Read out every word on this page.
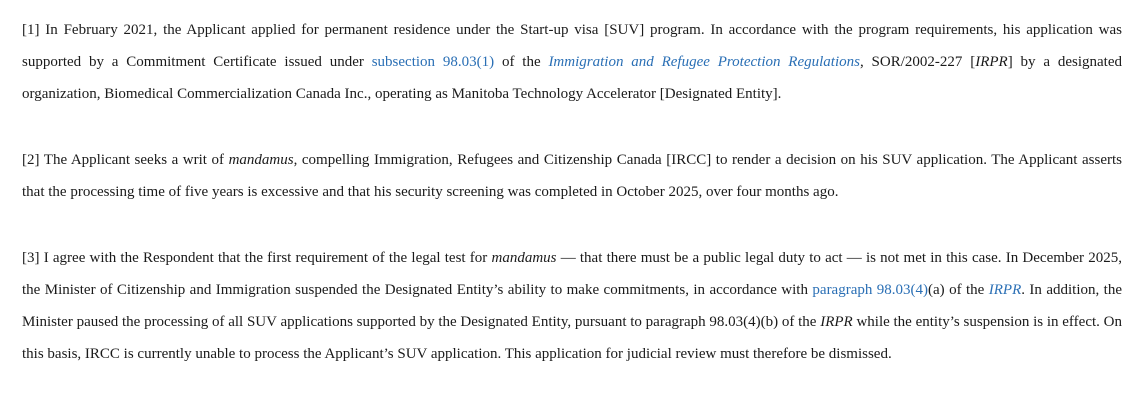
[1] In February 2021, the Applicant applied for permanent residence under the Start-up visa [SUV] program. In accordance with the program requirements, his application was supported by a Commitment Certificate issued under subsection 98.03(1) of the Immigration and Refugee Protection Regulations, SOR/2002-227 [IRPR] by a designated organization, Biomedical Commercialization Canada Inc., operating as Manitoba Technology Accelerator [Designated Entity].

[2] The Applicant seeks a writ of mandamus, compelling Immigration, Refugees and Citizenship Canada [IRCC] to render a decision on his SUV application. The Applicant asserts that the processing time of five years is excessive and that his security screening was completed in October 2025, over four months ago.

[3] I agree with the Respondent that the first requirement of the legal test for mandamus — that there must be a public legal duty to act — is not met in this case. In December 2025, the Minister of Citizenship and Immigration suspended the Designated Entity’s ability to make commitments, in accordance with paragraph 98.03(4)(a) of the IRPR. In addition, the Minister paused the processing of all SUV applications supported by the Designated Entity, pursuant to paragraph 98.03(4)(b) of the IRPR while the entity’s suspension is in effect. On this basis, IRCC is currently unable to process the Applicant’s SUV application. This application for judicial review must therefore be dismissed.
